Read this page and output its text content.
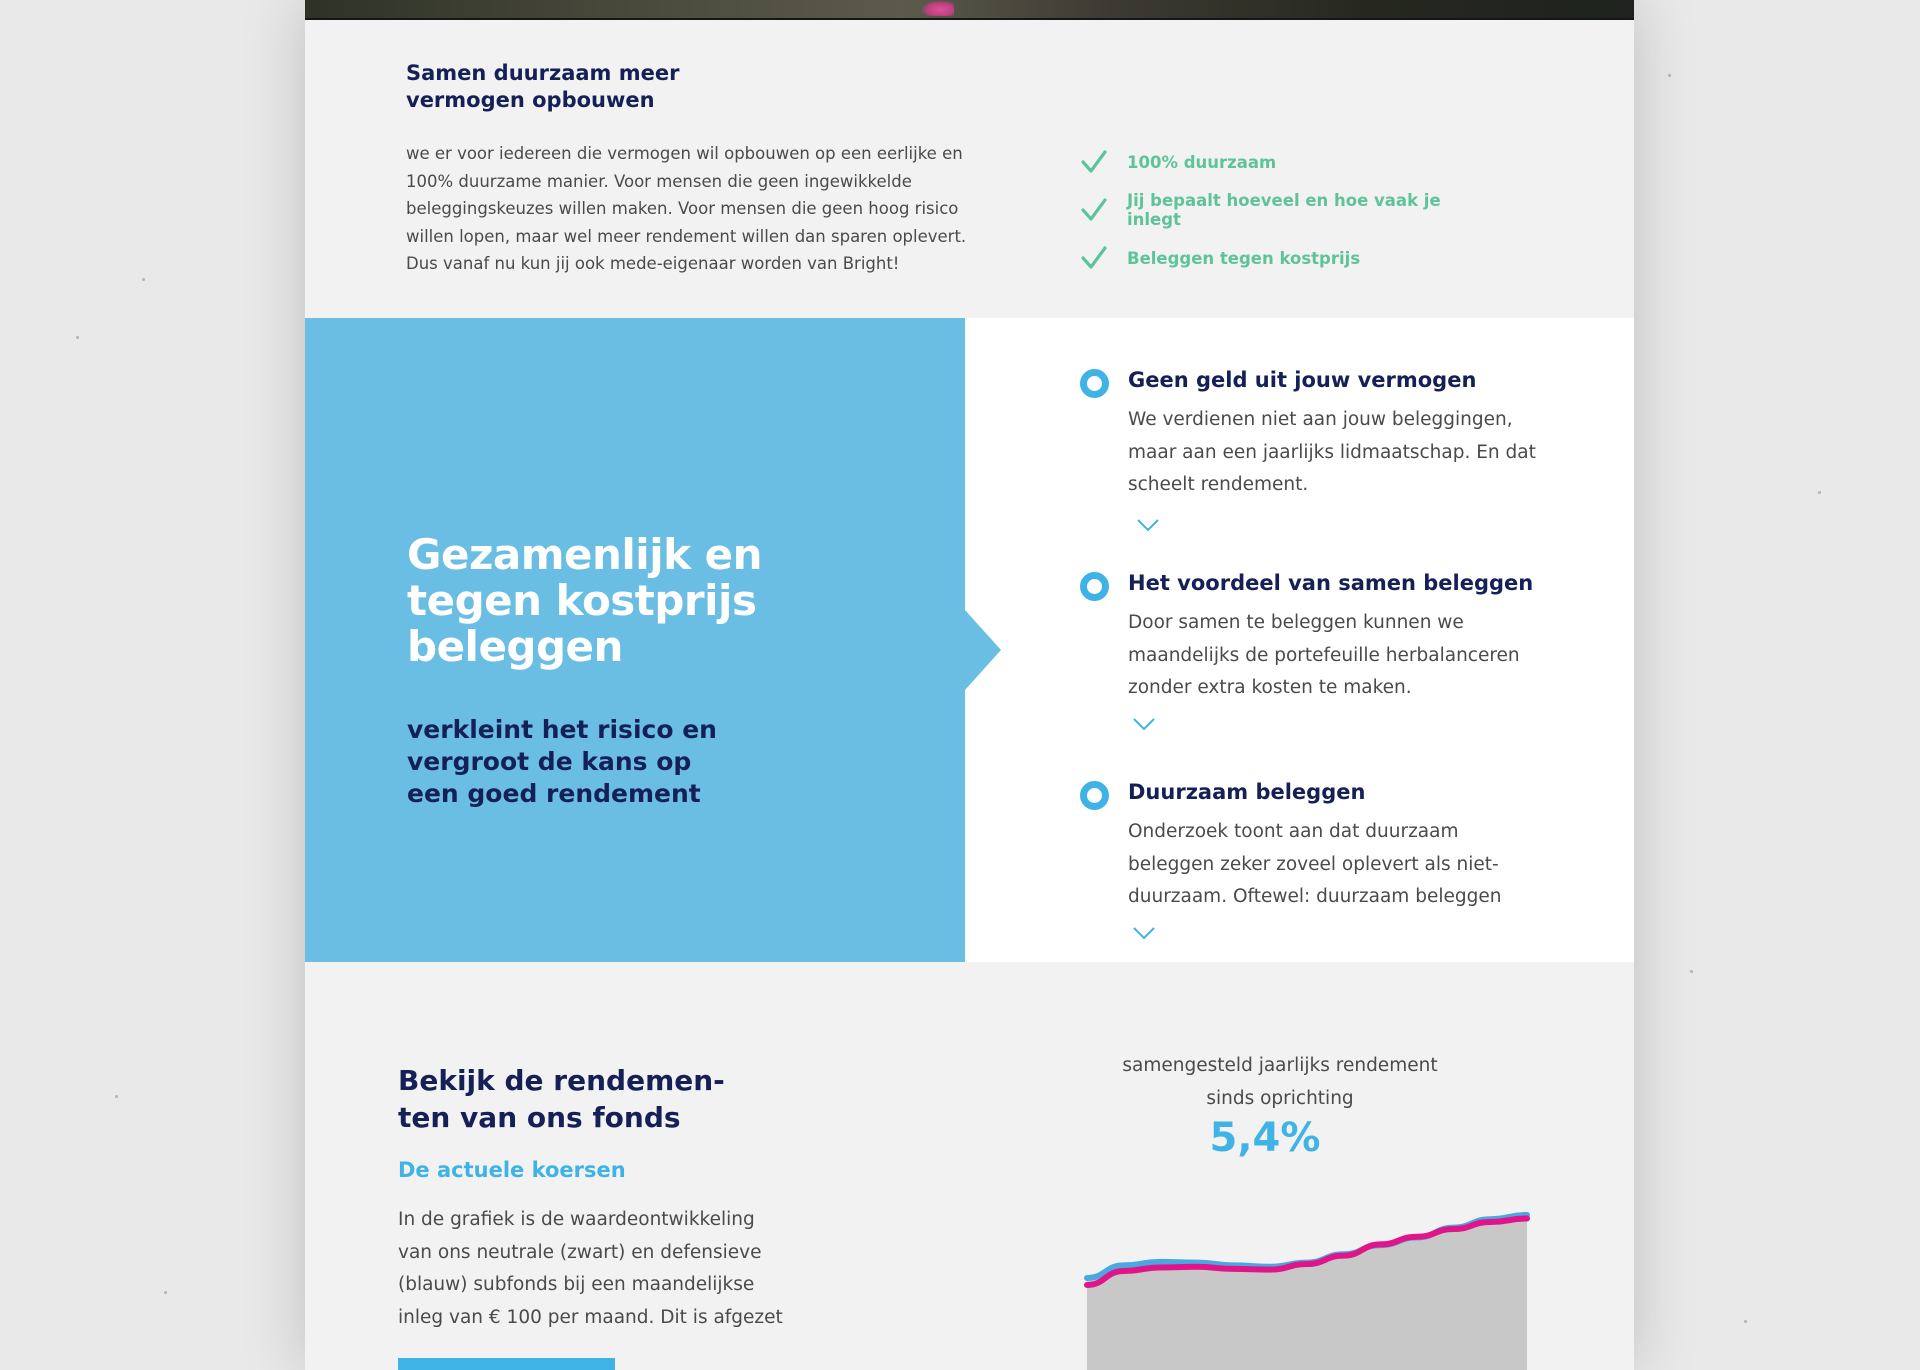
Samen duurzaam meer vermogen opbouwen

we er voor iedereen die vermogen wil opbouwen op een eerlijke en 100% duurzame manier. Voor mensen die geen ingewikkelde beleggingskeuzes willen maken. Voor mensen die geen hoog risico willen lopen, maar wel meer rendement willen dan sparen oplevert. Dus vanaf nu kun jij ook mede-eigenaar worden van Bright!

100% duurzaam
Jij bepaalt hoeveel en hoe vaak je inlegt
Beleggen tegen kostprijs
Gezamenlijk en tegen kostprijs beleggen

verkleint het risico en vergroot de kans op een goed rendement

Geen geld uit jouw vermogen

We verdienen niet aan jouw beleggingen, maar aan een jaarlijks lidmaatschap. En dat scheelt rendement.

Het voordeel van samen beleggen

Door samen te beleggen kunnen we maandelijks de portefeuille herbalanceren zonder extra kosten te maken.

Duurzaam beleggen

Onderzoek toont aan dat duurzaam beleggen zeker zoveel oplevert als niet-duurzaam. Oftewel: duurzaam beleggen

Bekijk de rendemen-ten van ons fonds
De actuele koersen

In de grafiek is de waardeontwikkeling van ons neutrale (zwart) en defensieve (blauw) subfonds bij een maandelijkse inleg van € 100 per maand. Dit is afgezet

samengesteld jaarlijks rendement sinds oprichting

5,4%
